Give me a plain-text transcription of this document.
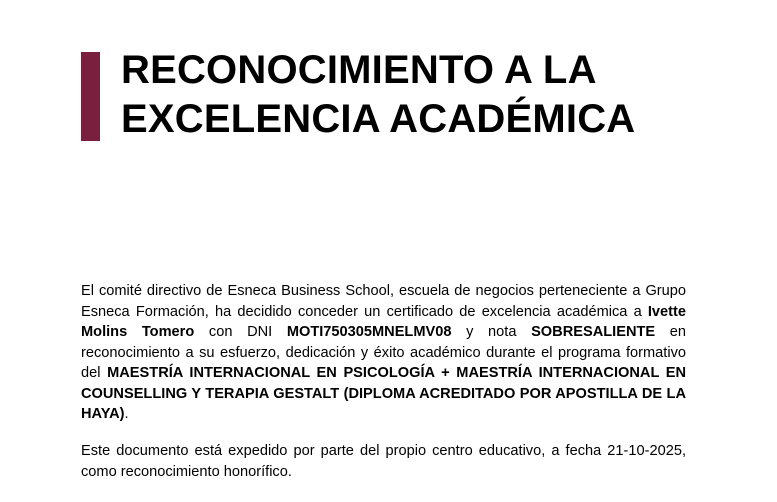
RECONOCIMIENTO A LA
EXCELENCIA ACADÉMICA

El comité directivo de Esneca Business School, escuela de negocios perteneciente a Grupo Esneca Formación, ha decidido conceder un certificado de excelencia académica a Ivette Molins Tomero con DNI MOTI750305MNELMV08 y nota SOBRESALIENTE en reconocimiento a su esfuerzo, dedicación y éxito académico durante el programa formativo del MAESTRÍA INTERNACIONAL EN PSICOLOGÍA + MAESTRÍA INTERNACIONAL EN COUNSELLING Y TERAPIA GESTALT (DIPLOMA ACREDITADO POR APOSTILLA DE LA HAYA).

Este documento está expedido por parte del propio centro educativo, a fecha 21-10-2025, como reconocimiento honorífico.
